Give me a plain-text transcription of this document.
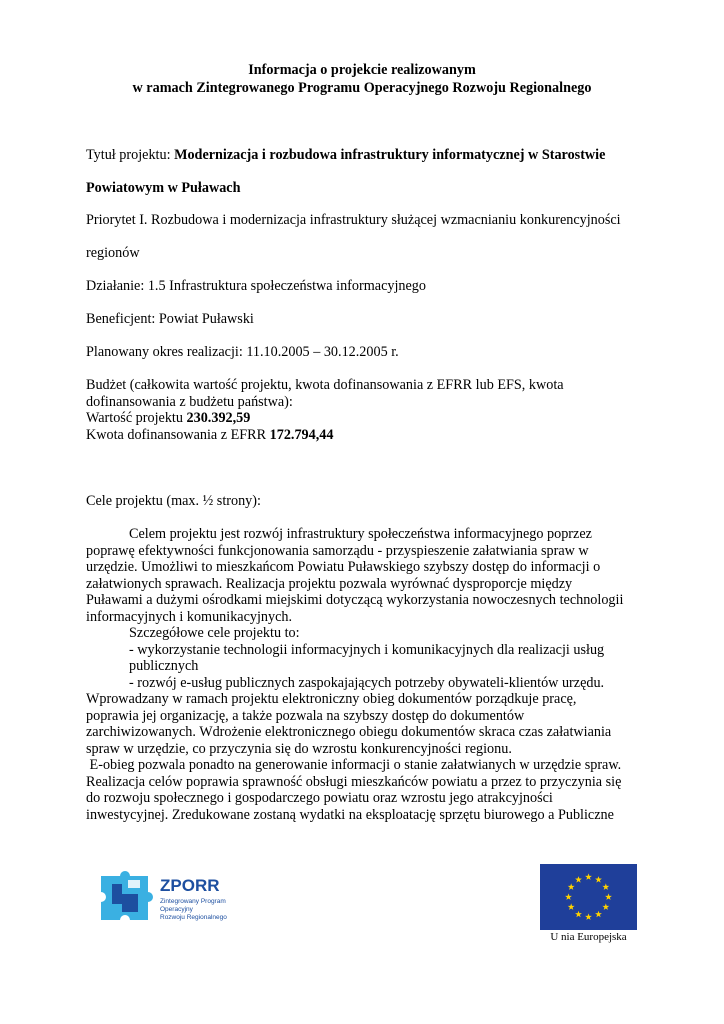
Informacja o projekcie realizowanym

w ramach Zintegrowanego Programu Operacyjnego Rozwoju Regionalnego

Tytuł projektu: Modernizacja i rozbudowa infrastruktury informatycznej w Starostwie

Powiatowym w Puławach

Priorytet I. Rozbudowa i modernizacja infrastruktury służącej wzmacnianiu konkurencyjności

regionów

Działanie: 1.5 Infrastruktura społeczeństwa informacyjnego

Beneficjent: Powiat Puławski

Planowany okres realizacji: 11.10.2005 – 30.12.2005 r.

Budżet (całkowita wartość projektu, kwota dofinansowania z EFRR lub EFS, kwota
dofinansowania z budżetu państwa):
Wartość projektu 230.392,59
Kwota dofinansowania z EFRR 172.794,44

Cele projektu (max. ½ strony):

Celem projektu jest rozwój infrastruktury społeczeństwa informacyjnego poprzez
poprawę efektywności funkcjonowania samorządu - przyspieszenie załatwiania spraw w
urzędzie. Umożliwi to mieszkańcom Powiatu Puławskiego szybszy dostęp do informacji o
załatwionych sprawach. Realizacja projektu pozwala wyrównać dysproporcje między
Puławami a dużymi ośrodkami miejskimi dotyczącą wykorzystania nowoczesnych technologii
informacyjnych i komunikacyjnych.
Szczegółowe cele projektu to:
- wykorzystanie technologii informacyjnych i komunikacyjnych dla realizacji usług
publicznych
- rozwój e-usług publicznych zaspokajających potrzeby obywateli-klientów urzędu.
Wprowadzany w ramach projektu elektroniczny obieg dokumentów porządkuje pracę,
poprawia jej organizację, a także pozwala na szybszy dostęp do dokumentów
zarchiwizowanych. Wdrożenie elektronicznego obiegu dokumentów skraca czas załatwiania
spraw w urzędzie, co przyczynia się do wzrostu konkurencyjności regionu.
E-obieg pozwala ponadto na generowanie informacji o stanie załatwianych w urzędzie spraw.
Realizacja celów poprawia sprawność obsługi mieszkańców powiatu a przez to przyczynia się
do rozwoju społecznego i gospodarczego powiatu oraz wzrostu jego atrakcyjności
inwestycyjnej. Zredukowane zostaną wydatki na eksploatację sprzętu biurowego a Publiczne
ZPORR
Zintegrowany Program
Operacyjny
Rozwoju Regionalnego
U nia Europejska
